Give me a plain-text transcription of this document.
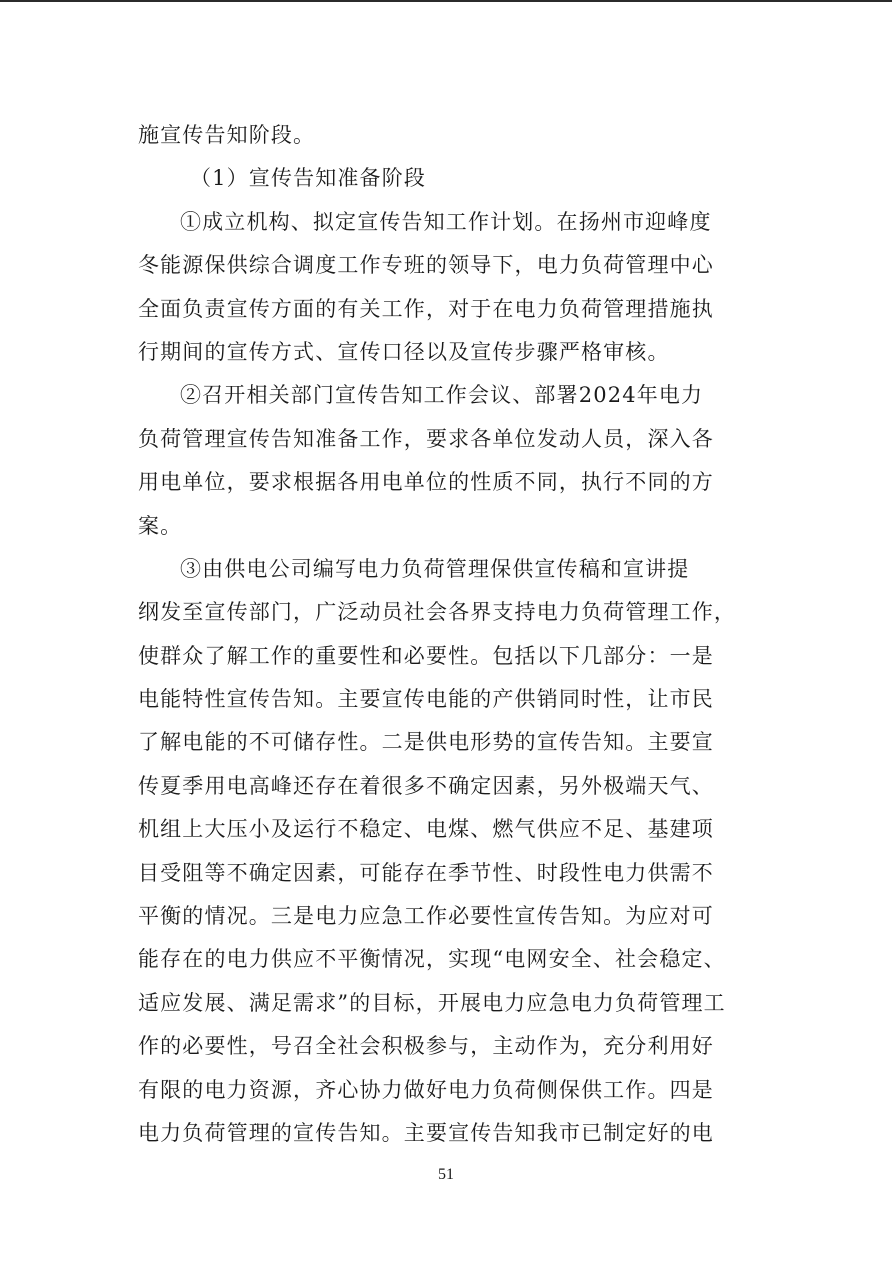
施宣传告知阶段。
（1）宣传告知准备阶段
①成立机构、拟定宣传告知工作计划。在扬州市迎峰度
冬能源保供综合调度工作专班的领导下，电力负荷管理中心
全面负责宣传方面的有关工作，对于在电力负荷管理措施执
行期间的宣传方式、宣传口径以及宣传步骤严格审核。
②召开相关部门宣传告知工作会议、部署2024年电力
负荷管理宣传告知准备工作，要求各单位发动人员，深入各
用电单位，要求根据各用电单位的性质不同，执行不同的方
案。
③由供电公司编写电力负荷管理保供宣传稿和宣讲提
纲发至宣传部门，广泛动员社会各界支持电力负荷管理工作，
使群众了解工作的重要性和必要性。包括以下几部分：一是
电能特性宣传告知。主要宣传电能的产供销同时性，让市民
了解电能的不可储存性。二是供电形势的宣传告知。主要宣
传夏季用电高峰还存在着很多不确定因素，另外极端天气、
机组上大压小及运行不稳定、电煤、燃气供应不足、基建项
目受阻等不确定因素，可能存在季节性、时段性电力供需不
平衡的情况。三是电力应急工作必要性宣传告知。为应对可
能存在的电力供应不平衡情况，实现“电网安全、社会稳定、
适应发展、满足需求”的目标，开展电力应急电力负荷管理工
作的必要性，号召全社会积极参与，主动作为，充分利用好
有限的电力资源，齐心协力做好电力负荷侧保供工作。四是
电力负荷管理的宣传告知。主要宣传告知我市已制定好的电
51
